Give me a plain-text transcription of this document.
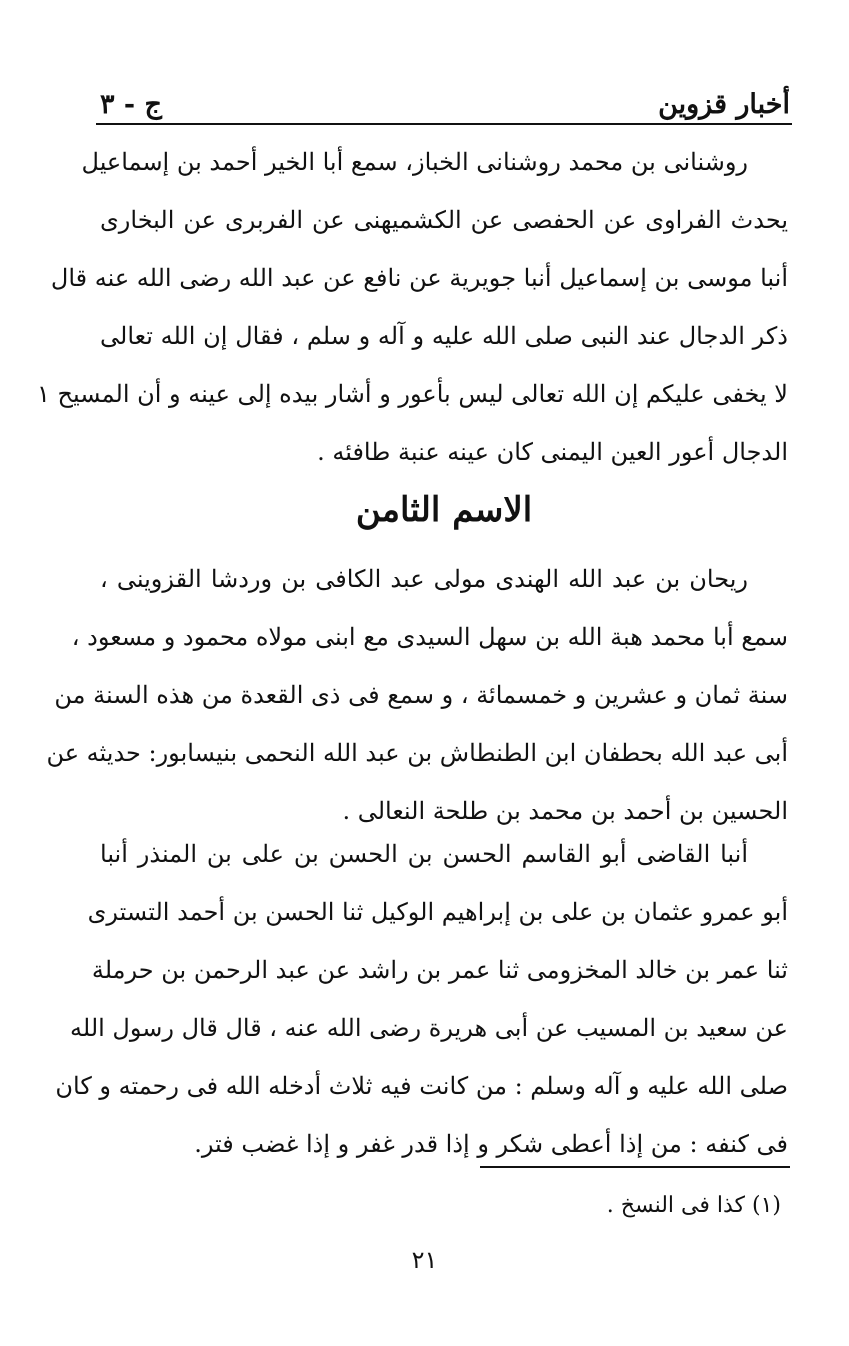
أخبار قزوين
ج - ٣
روشنانى بن محمد روشنانى الخباز، سمع أبا الخير أحمد بن إسماعيل
يحدث الفراوى عن الحفصى عن الكشميهنى عن الفربرى عن البخارى
أنبا موسى بن إسماعيل أنبا جويرية عن نافع عن عبد الله رضى الله عنه قال
ذكر الدجال عند النبى صلى الله عليه و آله و سلم ، فقال إن الله تعالى
لا يخفى عليكم إن الله تعالى ليس بأعور و أشار بيده إلى عينه و أن المسيح ١
الدجال أعور العين اليمنى كان عينه عنبة طافئه .
الاسم الثامن
ريحان بن عبد الله الهندى مولى عبد الكافى بن وردشا القزوينى ،
سمع أبا محمد هبة الله بن سهل السيدى مع ابنى مولاه محمود و مسعود ،
سنة ثمان و عشرين و خمسمائة ، و سمع فى ذى القعدة من هذه السنة من
أبى عبد الله بحطفان ابن الطنطاش بن عبد الله النحمى بنيسابور: حديثه عن
الحسين بن أحمد بن محمد بن طلحة النعالى .
أنبا القاضى أبو القاسم الحسن بن الحسن بن على بن المنذر أنبا
أبو عمرو عثمان بن على بن إبراهيم الوكيل ثنا الحسن بن أحمد التسترى
ثنا عمر بن خالد المخزومى ثنا عمر بن راشد عن عبد الرحمن بن حرملة
عن سعيد بن المسيب عن أبى هريرة رضى الله عنه ، قال قال رسول الله
صلى الله عليه و آله وسلم : من كانت فيه ثلاث أدخله الله فى رحمته و كان
فى كنفه : من إذا أعطى شكر و إذا قدر غفر و إذا غضب فتر.
(١) كذا فى النسخ .
٢١
